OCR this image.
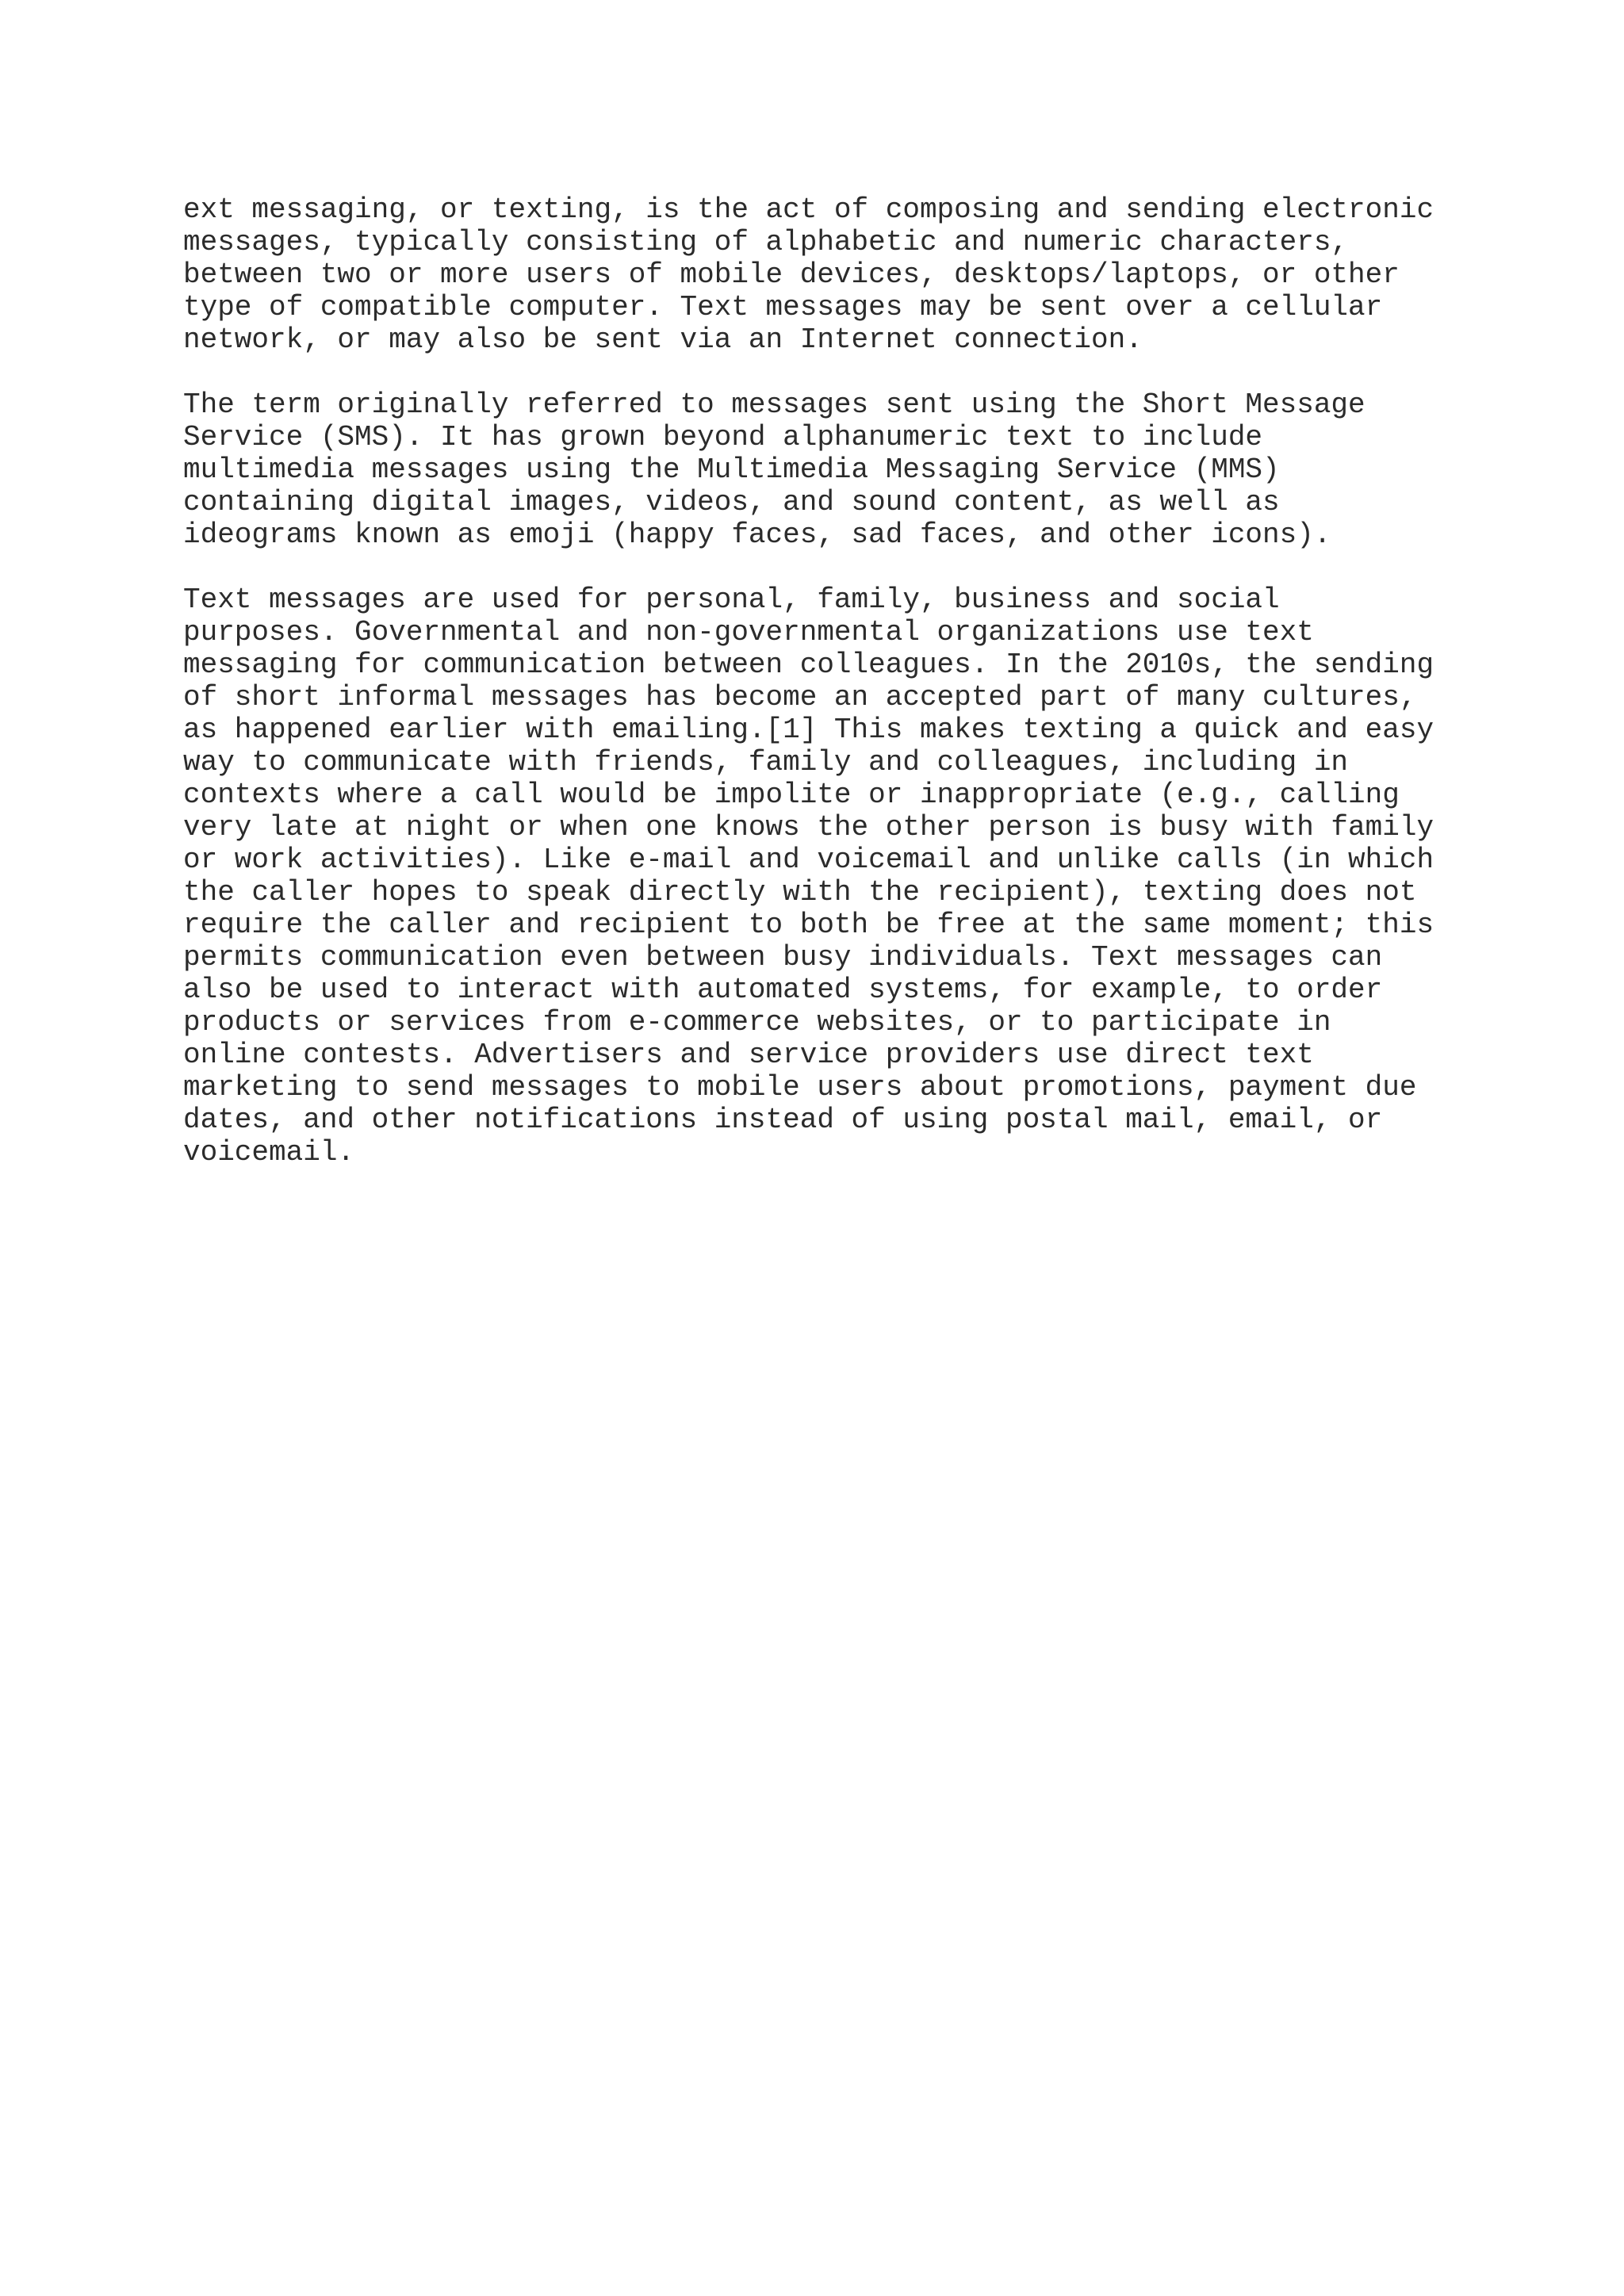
ext messaging, or texting, is the act of composing and sending electronic
messages, typically consisting of alphabetic and numeric characters,
between two or more users of mobile devices, desktops/laptops, or other
type of compatible computer. Text messages may be sent over a cellular
network, or may also be sent via an Internet connection.
The term originally referred to messages sent using the Short Message
Service (SMS). It has grown beyond alphanumeric text to include
multimedia messages using the Multimedia Messaging Service (MMS)
containing digital images, videos, and sound content, as well as
ideograms known as emoji (happy faces, sad faces, and other icons).
Text messages are used for personal, family, business and social
purposes. Governmental and non-governmental organizations use text
messaging for communication between colleagues. In the 2010s, the sending
of short informal messages has become an accepted part of many cultures,
as happened earlier with emailing.[1] This makes texting a quick and easy
way to communicate with friends, family and colleagues, including in
contexts where a call would be impolite or inappropriate (e.g., calling
very late at night or when one knows the other person is busy with family
or work activities). Like e-mail and voicemail and unlike calls (in which
the caller hopes to speak directly with the recipient), texting does not
require the caller and recipient to both be free at the same moment; this
permits communication even between busy individuals. Text messages can
also be used to interact with automated systems, for example, to order
products or services from e-commerce websites, or to participate in
online contests. Advertisers and service providers use direct text
marketing to send messages to mobile users about promotions, payment due
dates, and other notifications instead of using postal mail, email, or
voicemail.
